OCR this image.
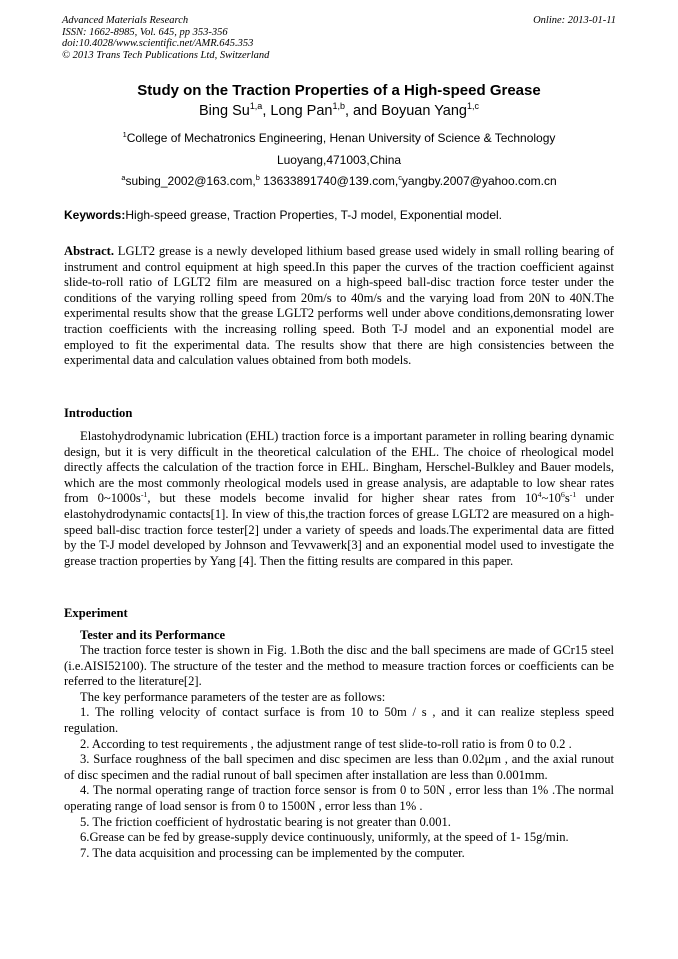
Advanced Materials Research
ISSN: 1662-8985, Vol. 645, pp 353-356
doi:10.4028/www.scientific.net/AMR.645.353
© 2013 Trans Tech Publications Ltd, Switzerland
Online: 2013-01-11
Study on the Traction Properties of a High-speed Grease
Bing Su$^{1,a}$, Long Pan$^{1,b}$, and Boyuan Yang$^{1,c}$
$^1$College of Mechatronics Engineering, Henan University of Science & Technology
Luoyang,471003,China
$^a$subing_2002@163.com,$^b$ 13633891740@139.com,$^c$yangby.2007@yahoo.com.cn
Keywords:High-speed grease, Traction Properties, T-J model, Exponential model.
Abstract. LGLT2 grease is a newly developed lithium based grease used widely in small rolling bearing of instrument and control equipment at high speed.In this paper the curves of the traction coefficient against slide-to-roll ratio of LGLT2 film are measured on a high-speed ball-disc traction force tester under the conditions of the varying rolling speed from 20m/s to 40m/s and the varying load from 20N to 40N.The experimental results show that the grease LGLT2 performs well under above conditions,demonsrating lower traction coefficients with the increasing rolling speed. Both T-J model and an exponential model are employed to fit the experimental data. The results show that there are high consistencies between the experimental data and calculation values obtained from both models.
Introduction
Elastohydrodynamic lubrication (EHL) traction force is a important parameter in rolling bearing dynamic design, but it is very difficult in the theoretical calculation of the EHL. The choice of rheological model directly affects the calculation of the traction force in EHL. Bingham, Herschel-Bulkley and Bauer models, which are the most commonly rheological models used in grease analysis, are adaptable to low shear rates from $0\sim 1000s^{-1}$, but these models become invalid for higher shear rates from $10^4\sim 10^6s^{-1}$ under elastohydrodynamic contacts[1]. In view of this,the traction forces of grease LGLT2 are measured on a high-speed ball-disc traction force tester[2] under a variety of speeds and loads.The experimental data are fitted by the T-J model developed by Johnson and Tevvawerk[3] and an exponential model used to investigate the grease traction properties by Yang [4]. Then the fitting results are compared in this paper.
Experiment
Tester and its Performance

The traction force tester is shown in Fig. 1.Both the disc and the ball specimens are made of GCr15 steel (i.e.AISI52100). The structure of the tester and the method to measure traction forces or coefficients can be referred to the literature[2].

The key performance parameters of the tester are as follows:

1. The rolling velocity of contact surface is from 10 to 50m / s , and it can realize stepless speed regulation.

2. According to test requirements , the adjustment range of test slide-to-roll ratio is from 0 to 0.2 .

3. Surface roughness of the ball specimen and disc specimen are less than 0.02μm , and the axial runout of disc specimen and the radial runout of ball specimen after installation are less than 0.001mm.

4. The normal operating range of traction force sensor is from 0 to 50N , error less than 1% .The normal operating range of load sensor is from 0 to 1500N , error less than 1% .

5. The friction coefficient of hydrostatic bearing is not greater than 0.001.

6.Grease can be fed by grease-supply device continuously, uniformly, at the speed of 1- 15g/min.

7. The data acquisition and processing can be implemented by the computer.
